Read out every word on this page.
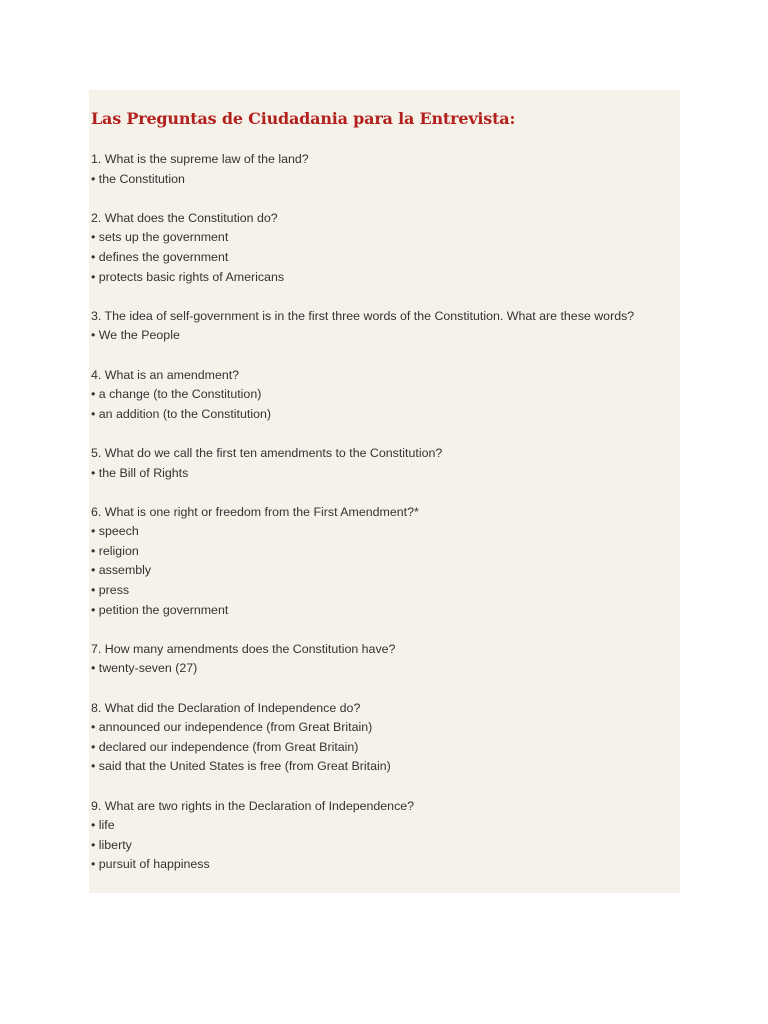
Las Preguntas de Ciudadania para la Entrevista:
1. What is the supreme law of the land?
• the Constitution
2. What does the Constitution do?
• sets up the government
• defines the government
• protects basic rights of Americans
3. The idea of self-government is in the first three words of the Constitution. What are these words?
• We the People
4. What is an amendment?
• a change (to the Constitution)
• an addition (to the Constitution)
5. What do we call the first ten amendments to the Constitution?
• the Bill of Rights
6. What is one right or freedom from the First Amendment?*
• speech
• religion
• assembly
• press
• petition the government
7. How many amendments does the Constitution have?
• twenty-seven (27)
8. What did the Declaration of Independence do?
• announced our independence (from Great Britain)
• declared our independence (from Great Britain)
• said that the United States is free (from Great Britain)
9. What are two rights in the Declaration of Independence?
• life
• liberty
• pursuit of happiness
